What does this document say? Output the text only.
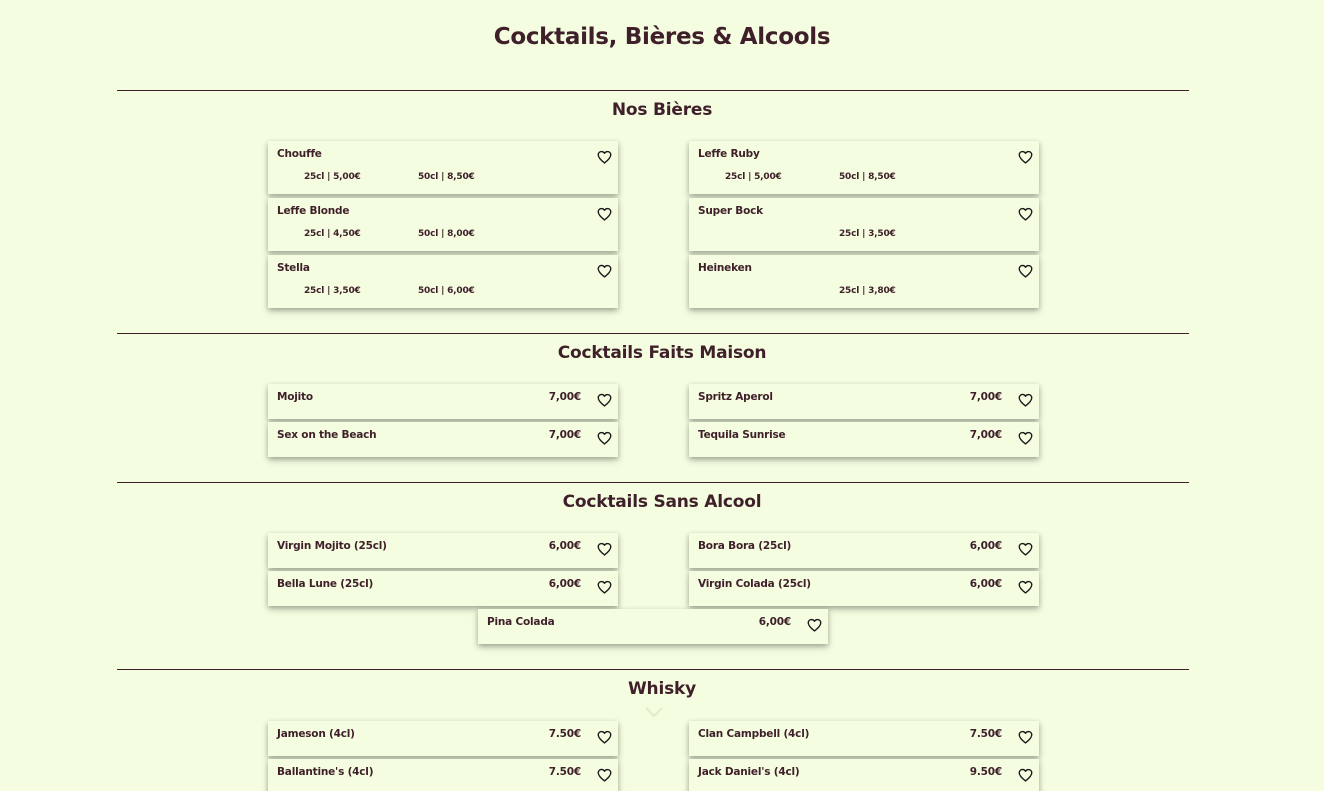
Cocktails, Bières & Alcools
Nos Bières
Chouffe
25cl | 5,00€	50cl | 8,50€
Leffe Ruby
25cl | 5,00€	50cl | 8,50€
Leffe Blonde
25cl | 4,50€	50cl | 8,00€
Super Bock
25cl | 3,50€
Stella
25cl | 3,50€	50cl | 6,00€
Heineken
25cl | 3,80€
Cocktails Faits Maison
Mojito	7,00€	Spritz Aperol	7,00€
Sex on the Beach	7,00€	Tequila Sunrise	7,00€
Cocktails Sans Alcool
Virgin Mojito (25cl)	6,00€	Bora Bora (25cl)	6,00€
Bella Lune (25cl)	6,00€	Virgin Colada (25cl)	6,00€
Pina Colada	6,00€
Whisky
Jameson (4cl)	7.50€	Clan Campbell (4cl)	7.50€
Ballantine's (4cl)	7.50€	Jack Daniel's (4cl)	9.50€
